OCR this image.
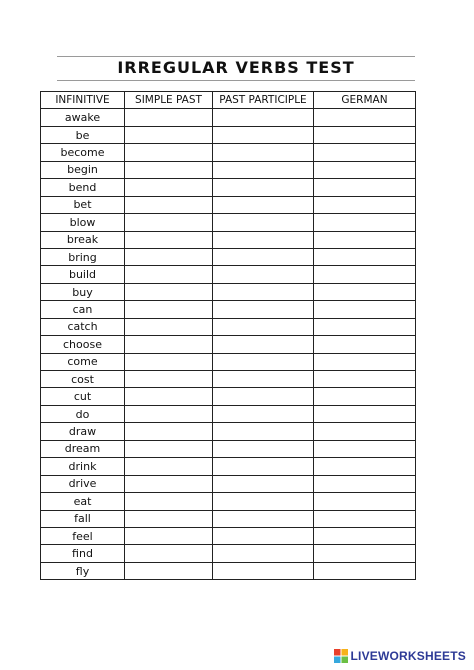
IRREGULAR VERBS TEST
INFINITIVE	SIMPLE PAST	PAST PARTICIPLE	GERMAN
awake			
be			
become			
begin			
bend			
bet			
blow			
break			
bring			
build			
buy			
can			
catch			
choose			
come			
cost			
cut			
do			
draw			
dream			
drink			
drive			
eat			
fall			
feel			
find			
fly			
LIVEWORKSHEETS
